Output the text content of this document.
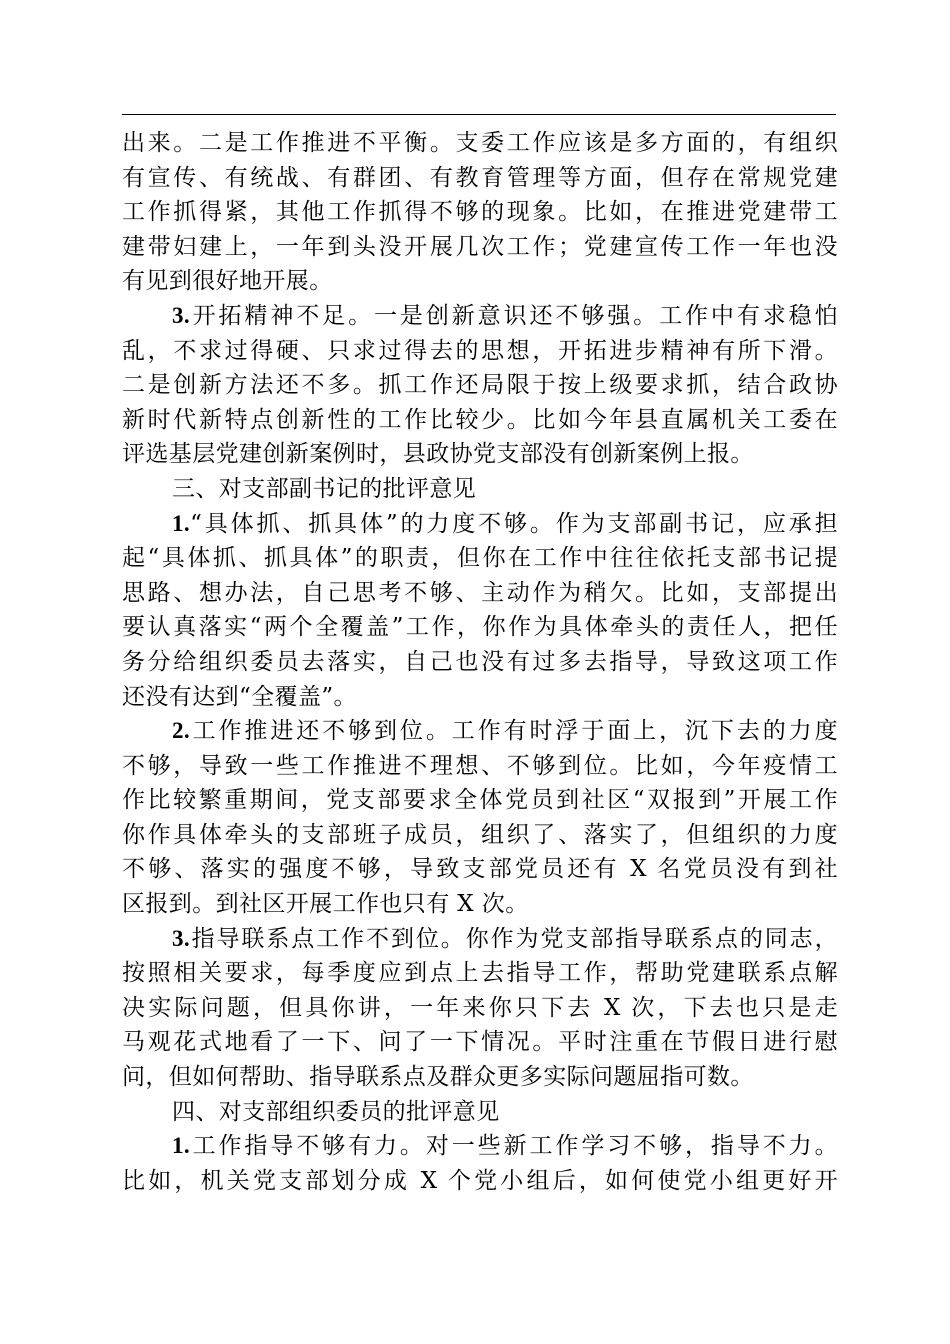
出来。二是工作推进不平衡。支委工作应该是多方面的，有组织
有宣传、有统战、有群团、有教育管理等方面，但存在常规党建
工作抓得紧，其他工作抓得不够的现象。比如，在推进党建带工
建带妇建上，一年到头没开展几次工作；党建宣传工作一年也没
有见到很好地开展。
3.开拓精神不足。一是创新意识还不够强。工作中有求稳怕
乱，不求过得硬、只求过得去的思想，开拓进步精神有所下滑。
二是创新方法还不多。抓工作还局限于按上级要求抓，结合政协
新时代新特点创新性的工作比较少。比如今年县直属机关工委在
评选基层党建创新案例时，县政协党支部没有创新案例上报。
三、对支部副书记的批评意见
1.“具体抓、抓具体”的力度不够。作为支部副书记，应承担
起“具体抓、抓具体”的职责，但你在工作中往往依托支部书记提
思路、想办法，自己思考不够、主动作为稍欠。比如，支部提出
要认真落实“两个全覆盖”工作，你作为具体牵头的责任人，把任
务分给组织委员去落实，自己也没有过多去指导，导致这项工作
还没有达到“全覆盖”。
2.工作推进还不够到位。工作有时浮于面上，沉下去的力度
不够，导致一些工作推进不理想、不够到位。比如，今年疫情工
作比较繁重期间，党支部要求全体党员到社区“双报到”开展工作
你作具体牵头的支部班子成员，组织了、落实了，但组织的力度
不够、落实的强度不够，导致支部党员还有 X 名党员没有到社
区报到。到社区开展工作也只有 X 次。
3.指导联系点工作不到位。你作为党支部指导联系点的同志，
按照相关要求，每季度应到点上去指导工作，帮助党建联系点解
决实际问题，但具你讲，一年来你只下去 X 次，下去也只是走
马观花式地看了一下、问了一下情况。平时注重在节假日进行慰
问，但如何帮助、指导联系点及群众更多实际问题屈指可数。
四、对支部组织委员的批评意见
1.工作指导不够有力。对一些新工作学习不够，指导不力。
比如，机关党支部划分成 X 个党小组后，如何使党小组更好开
